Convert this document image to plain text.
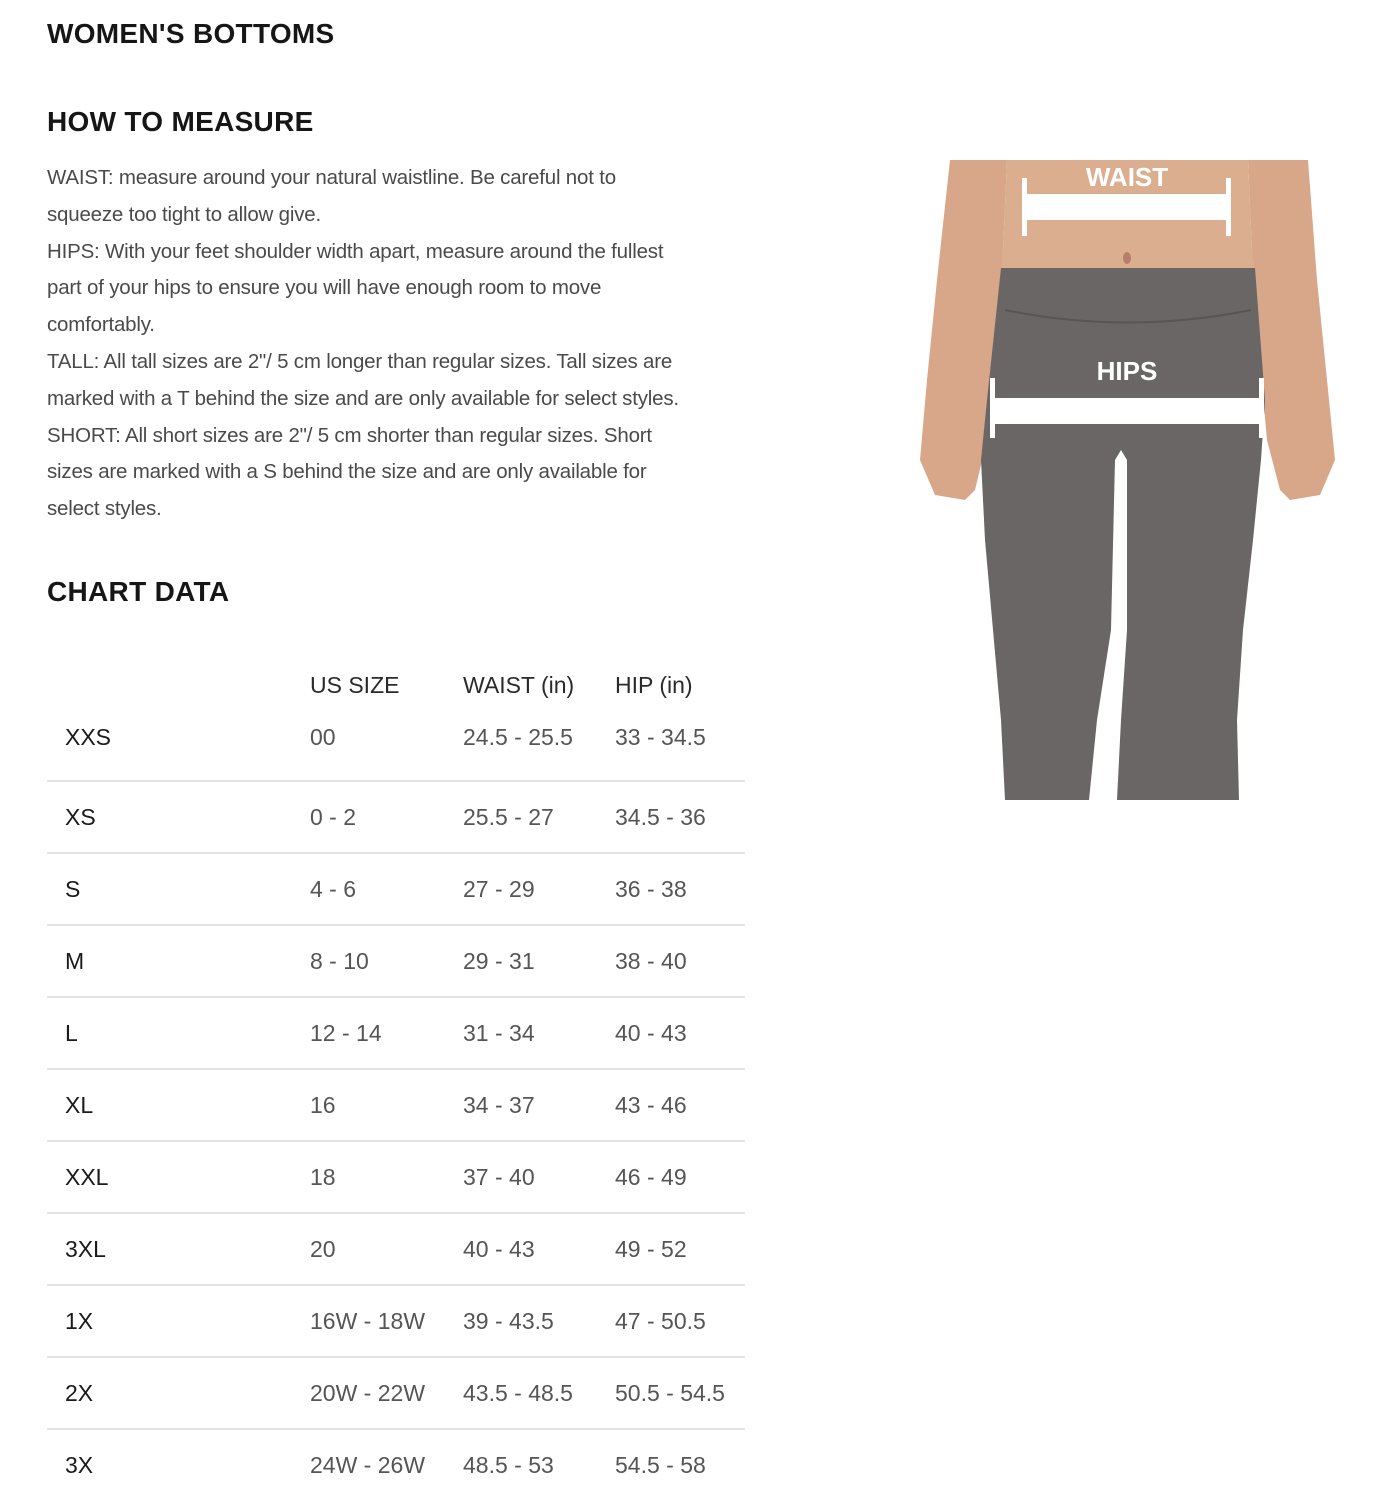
WOMEN'S BOTTOMS
HOW TO MEASURE

WAIST: measure around your natural waistline. Be careful not to

squeeze too tight to allow give.

HIPS: With your feet shoulder width apart, measure around the fullest

part of your hips to ensure you will have enough room to move

comfortably.

TALL: All tall sizes are 2"/ 5 cm longer than regular sizes. Tall sizes are

marked with a T behind the size and are only available for select styles.

SHORT: All short sizes are 2"/ 5 cm shorter than regular sizes. Short

sizes are marked with a S behind the size and are only available for

select styles.

CHART DATA
	US SIZE	WAIST (in)	HIP (in)
XXS	00	24.5 - 25.5	33 - 34.5
XS	0 - 2	25.5 - 27	34.5 - 36
S	4 - 6	27 - 29	36 - 38
M	8 - 10	29 - 31	38 - 40
L	12 - 14	31 - 34	40 - 43
XL	16	34 - 37	43 - 46
XXL	18	37 - 40	46 - 49
3XL	20	40 - 43	49 - 52
1X	16W - 18W	39 - 43.5	47 - 50.5
2X	20W - 22W	43.5 - 48.5	50.5 - 54.5
3X	24W - 26W	48.5 - 53	54.5 - 58
WAIST
HIPS
